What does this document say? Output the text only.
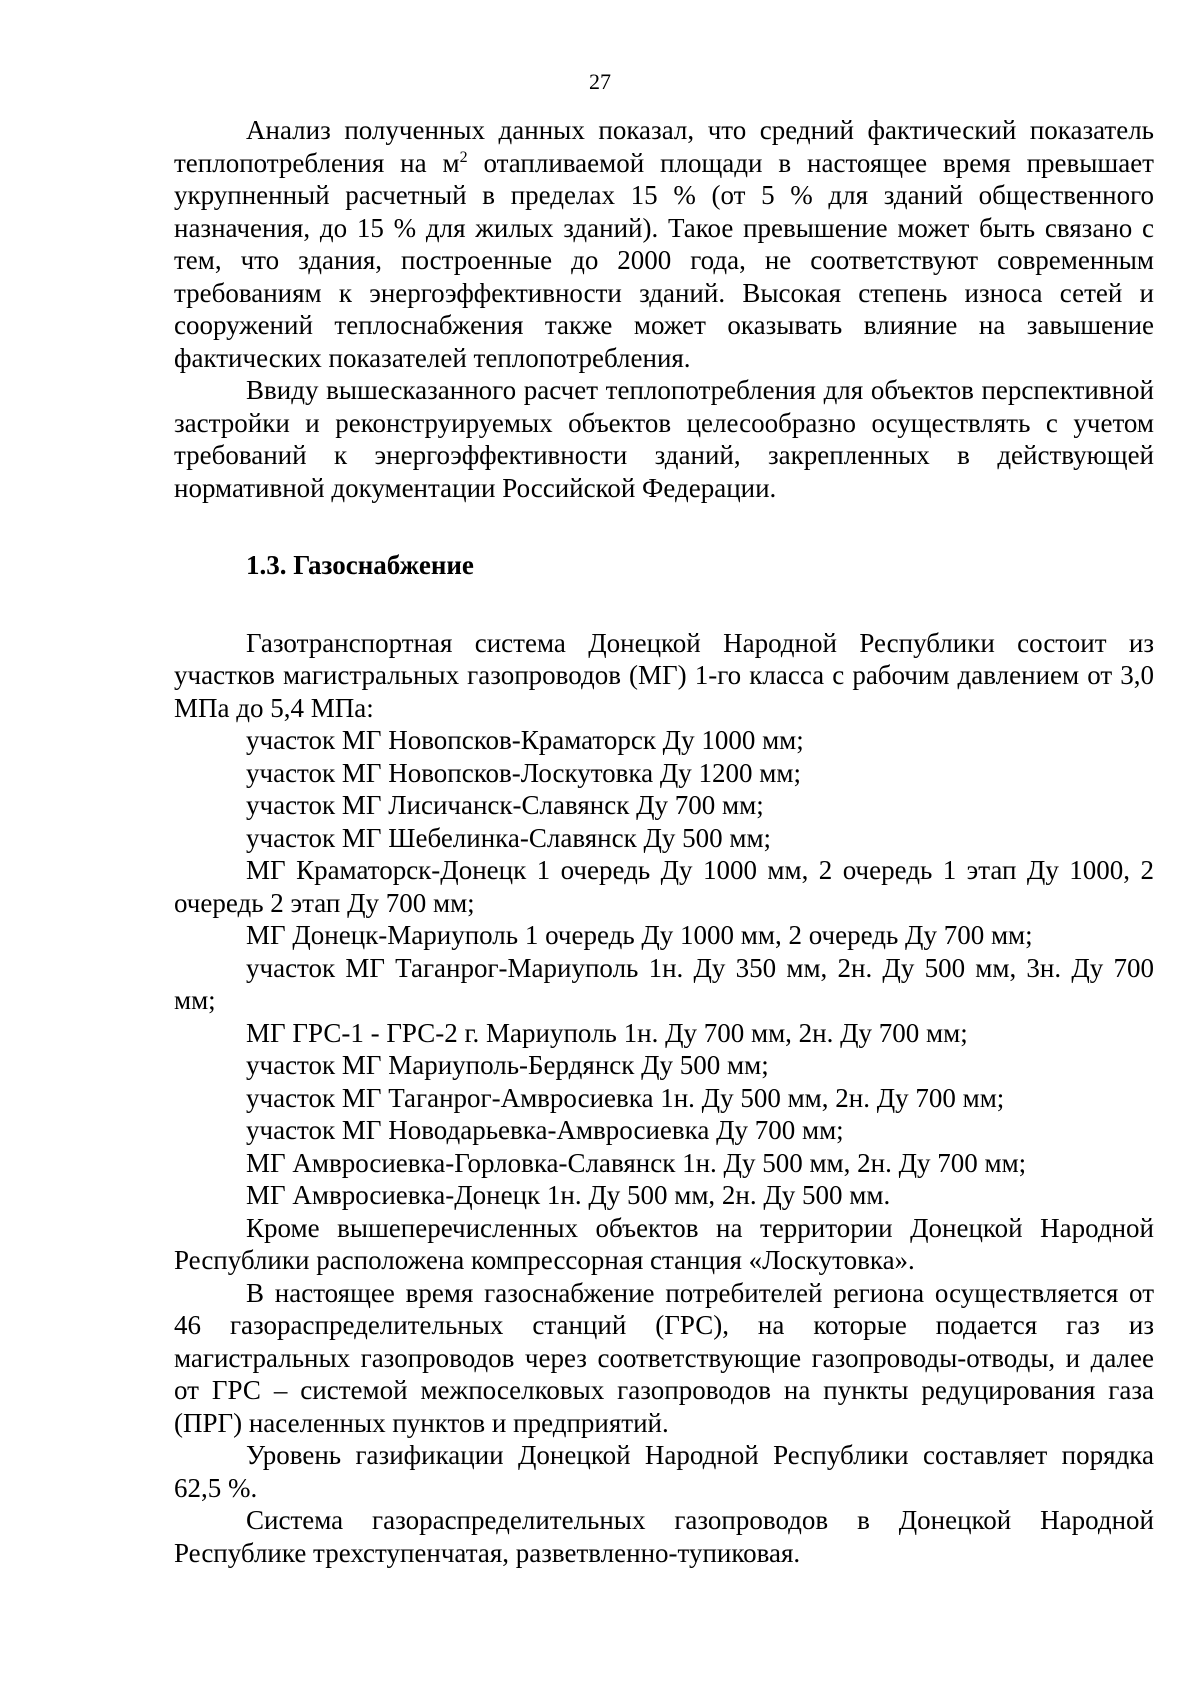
27

Анализ полученных данных показал, что средний фактический показатель теплопотребления на $м^2$ отапливаемой площади в настоящее время превышает укрупненный расчетный в пределах 15 % (от 5 % для зданий общественного назначения, до 15 % для жилых зданий). Такое превышение может быть связано с тем, что здания, построенные до 2000 года, не соответствуют современным требованиям к энергоэффективности зданий. Высокая степень износа сетей и сооружений теплоснабжения также может оказывать влияние на завышение фактических показателей теплопотребления.

Ввиду вышесказанного расчет теплопотребления для объектов перспективной застройки и реконструируемых объектов целесообразно осуществлять с учетом требований к энергоэффективности зданий, закрепленных в действующей нормативной документации Российской Федерации.

1.3. Газоснабжение

Газотранспортная система Донецкой Народной Республики состоит из участков магистральных газопроводов (МГ) 1-го класса с рабочим давлением от 3,0 МПа до 5,4 МПа:

участок МГ Новопсков-Краматорск Ду 1000 мм;
участок МГ Новопсков-Лоскутовка Ду 1200 мм;
участок МГ Лисичанск-Славянск Ду 700 мм;
участок МГ Шебелинка-Славянск Ду 500 мм;
МГ Краматорск-Донецк 1 очередь Ду 1000 мм, 2 очередь 1 этап Ду 1000, 2 очередь 2 этап Ду 700 мм;
МГ Донецк-Мариуполь 1 очередь Ду 1000 мм, 2 очередь Ду 700 мм;
участок МГ Таганрог-Мариуполь 1н. Ду 350 мм, 2н. Ду 500 мм, 3н. Ду 700 мм;
МГ ГРС-1 - ГРС-2 г. Мариуполь 1н. Ду 700 мм, 2н. Ду 700 мм;
участок МГ Мариуполь-Бердянск Ду 500 мм;
участок МГ Таганрог-Амвросиевка 1н. Ду 500 мм, 2н. Ду 700 мм;
участок МГ Новодарьевка-Амвросиевка Ду 700 мм;
МГ Амвросиевка-Горловка-Славянск 1н. Ду 500 мм, 2н. Ду 700 мм;
МГ Амвросиевка-Донецк 1н. Ду 500 мм, 2н. Ду 500 мм.

Кроме вышеперечисленных объектов на территории Донецкой Народной Республики расположена компрессорная станция «Лоскутовка».

В настоящее время газоснабжение потребителей региона осуществляется от 46 газораспределительных станций (ГРС), на которые подается газ из магистральных газопроводов через соответствующие газопроводы-отводы, и далее от ГРС – системой межпоселковых газопроводов на пункты редуцирования газа (ПРГ) населенных пунктов и предприятий.

Уровень газификации Донецкой Народной Республики составляет порядка 62,5 %.

Система газораспределительных газопроводов в Донецкой Народной Республике трехступенчатая, разветвленно-тупиковая.
